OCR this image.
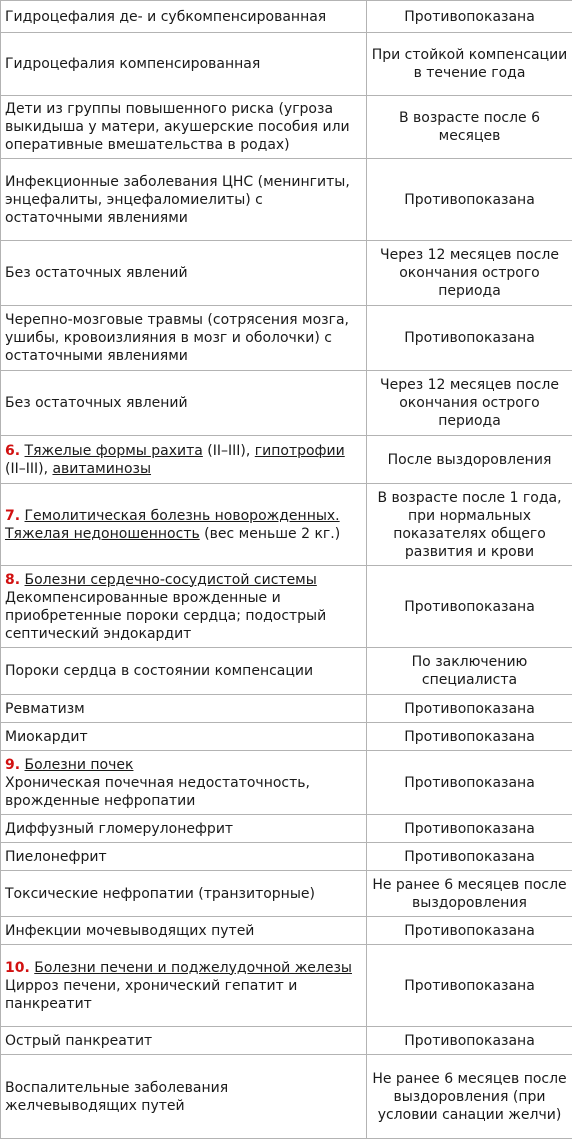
Гидроцефалия де- и субкомпенсированная	Противопоказана
Гидроцефалия компенсированная	При стойкой компенсации в течение года
Дети из группы повышенного риска (угроза выкидыша у матери, акушерские пособия или оперативные вмешательства в родах)	В возрасте после 6 месяцев
Инфекционные заболевания ЦНС (менингиты, энцефалиты, энцефаломиелиты) с остаточными явлениями	Противопоказана
Без остаточных явлений	Через 12 месяцев после окончания острого периода
Черепно-мозговые травмы (сотрясения мозга, ушибы, кровоизлияния в мозг и оболочки) с остаточными явлениями	Противопоказана
Без остаточных явлений	Через 12 месяцев после окончания острого периода
6. Тяжелые формы рахита (II–III), гипотрофии (II–III), авитаминозы	После выздоровления
7. Гемолитическая болезнь новорожденных. Тяжелая недоношенность (вес меньше 2 кг.)	В возрасте после 1 года, при нормальных показателях общего развития и крови
8. Болезни сердечно-сосудистой системы
Декомпенсированные врожденные и приобретенные пороки сердца; подострый септический эндокардит	Противопоказана
Пороки сердца в состоянии компенсации	По заключению специалиста
Ревматизм	Противопоказана
Миокардит	Противопоказана
9. Болезни почек
Хроническая почечная недостаточность, врожденные нефропатии	Противопоказана
Диффузный гломерулонефрит	Противопоказана
Пиелонефрит	Противопоказана
Токсические нефропатии (транзиторные)	Не ранее 6 месяцев после выздоровления
Инфекции мочевыводящих путей	Противопоказана
10. Болезни печени и поджелудочной железы
Цирроз печени, хронический гепатит и панкреатит	Противопоказана
Острый панкреатит	Противопоказана
Воспалительные заболевания желчевыводящих путей	Не ранее 6 месяцев после выздоровления (при условии санации желчи)
